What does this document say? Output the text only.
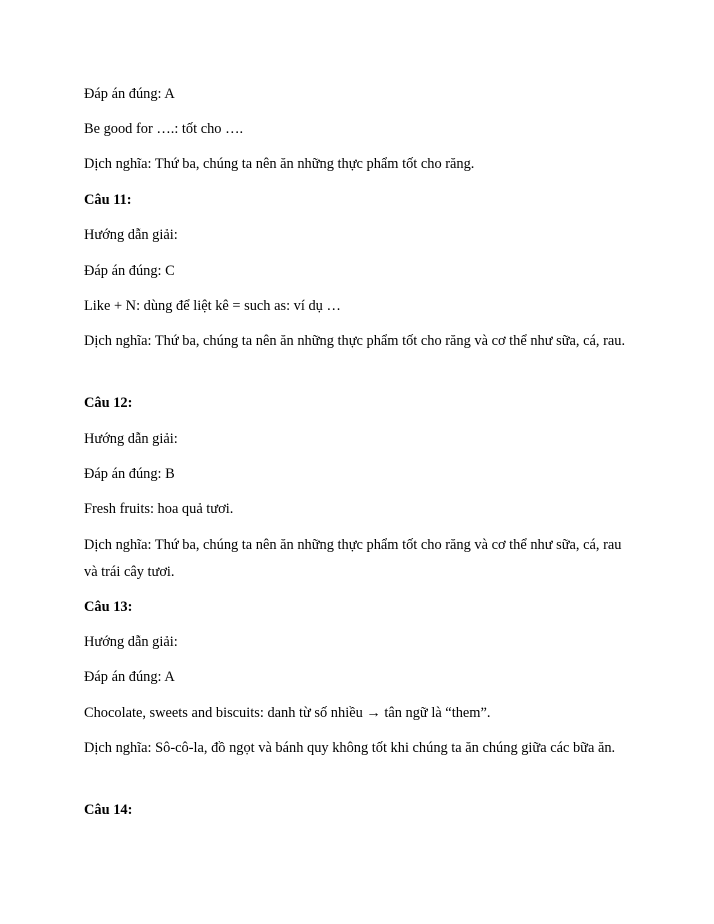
Đáp án đúng: A
Be good for ….: tốt cho ….
Dịch nghĩa: Thứ ba, chúng ta nên ăn những thực phẩm tốt cho răng.
Câu 11:
Hướng dẫn giải:
Đáp án đúng: C
Like + N: dùng để liệt kê = such as: ví dụ …
Dịch nghĩa: Thứ ba, chúng ta nên ăn những thực phẩm tốt cho răng và cơ thể như sữa, cá, rau.
Câu 12:
Hướng dẫn giải:
Đáp án đúng: B
Fresh fruits: hoa quả tươi.
Dịch nghĩa: Thứ ba, chúng ta nên ăn những thực phẩm tốt cho răng và cơ thể như sữa, cá, rau và trái cây tươi.
Câu 13:
Hướng dẫn giải:
Đáp án đúng: A
Chocolate, sweets and biscuits: danh từ số nhiều → tân ngữ là “them”.
Dịch nghĩa: Sô-cô-la, đồ ngọt và bánh quy không tốt khi chúng ta ăn chúng giữa các bữa ăn.
Câu 14:
